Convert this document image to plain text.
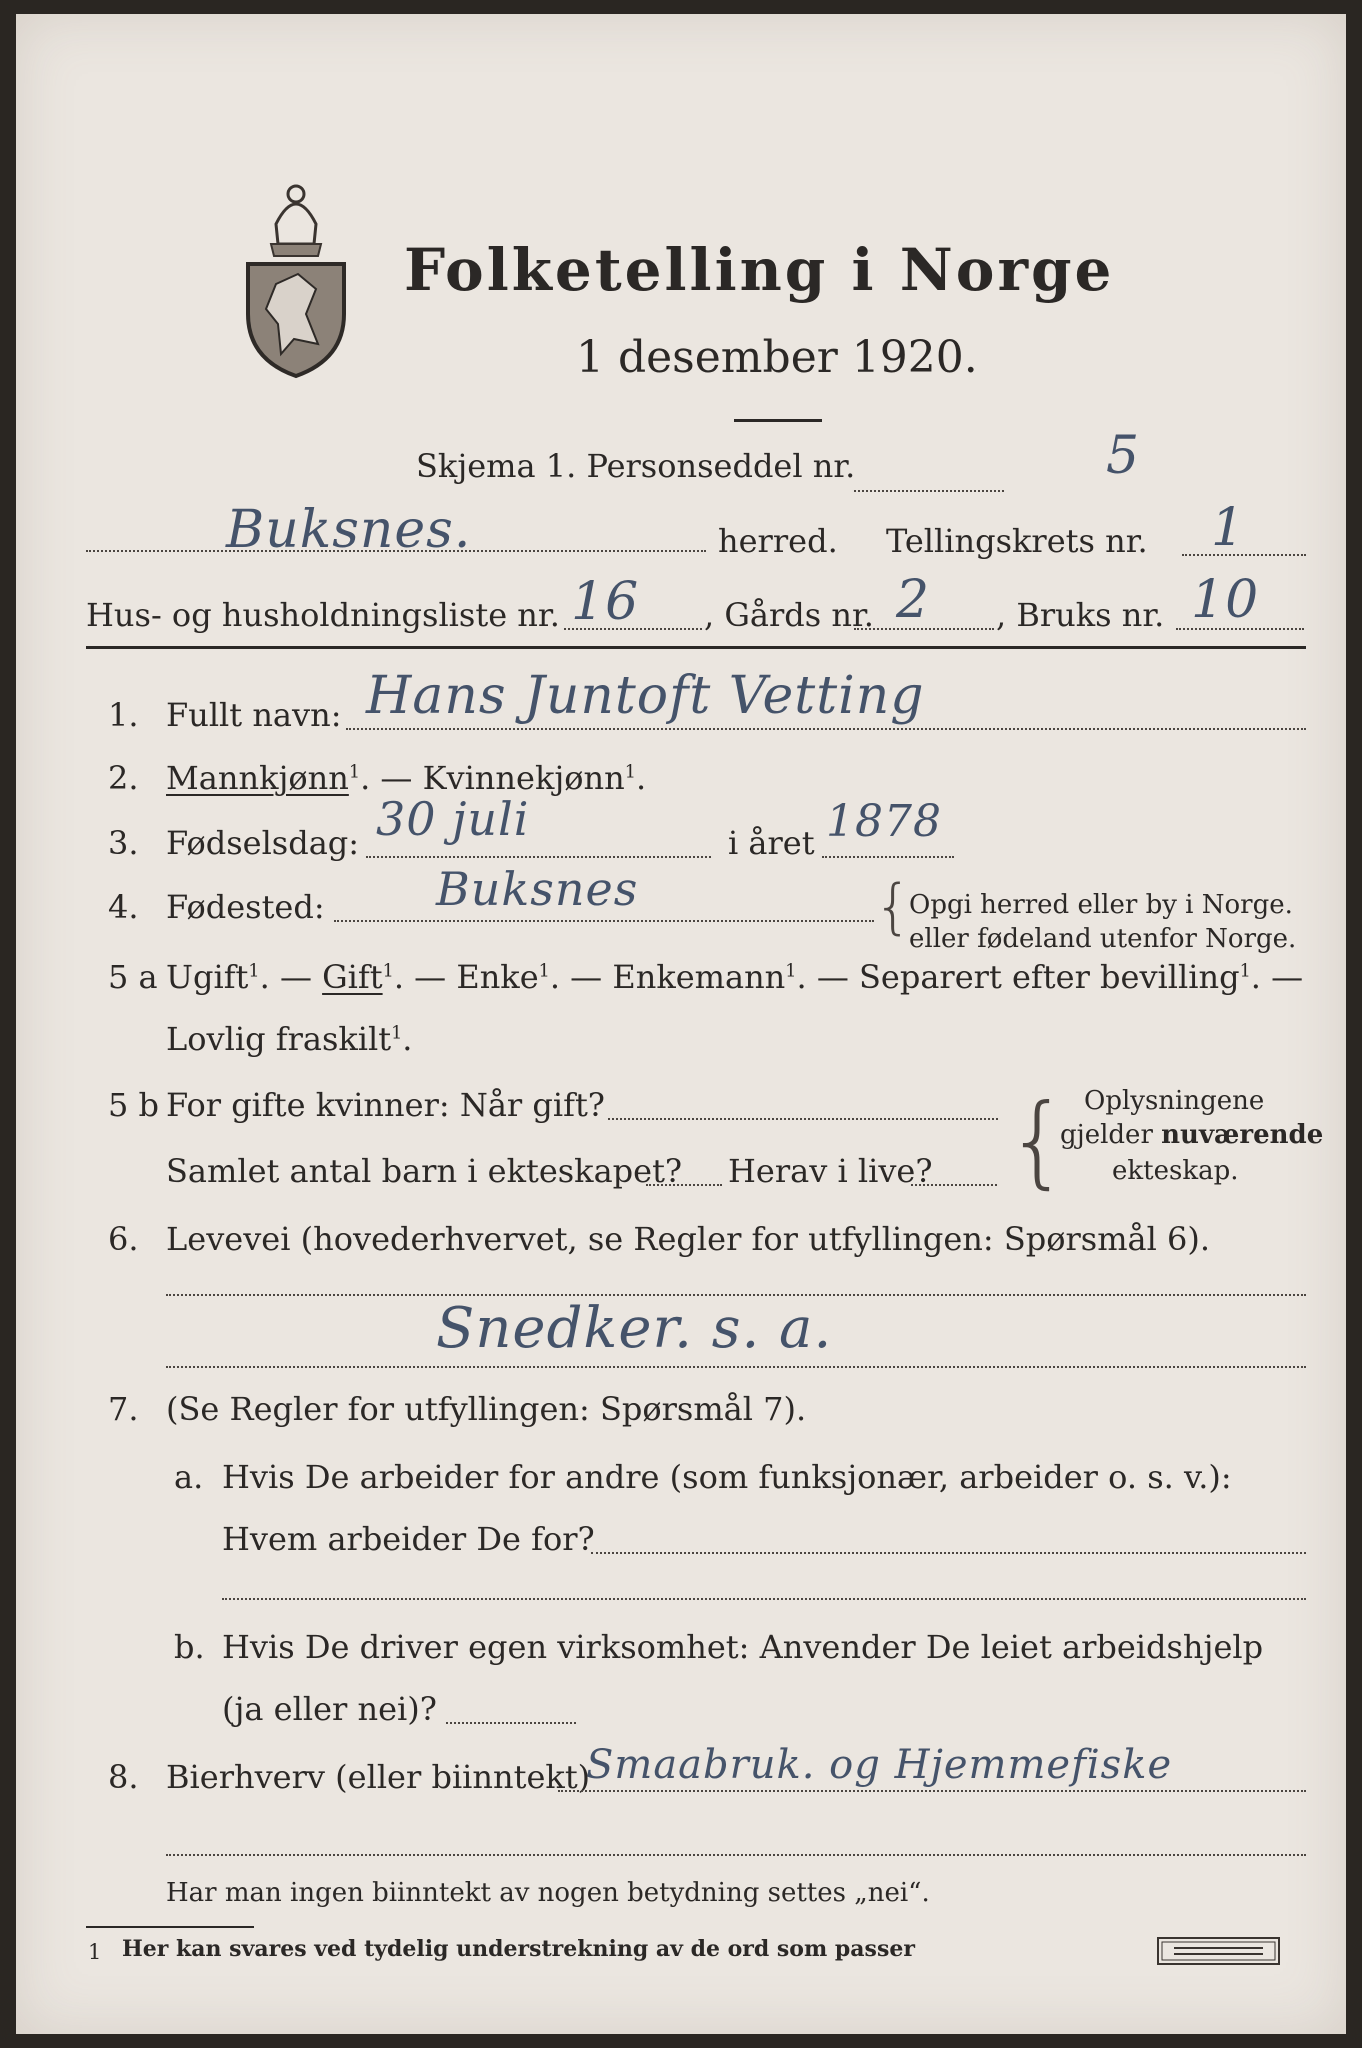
Folketelling i Norge
1 desember 1920.
Skjema 1. Personseddel nr.	5
Buksnes.	herred. Tellingskrets nr. 1
Hus- og husholdningsliste nr. 16 , Gårds nr. 2 , Bruks nr. 10
1. Fullt navn: Hans Juntoft Vetting
2. Mannkjønn$^1$. — Kvinnekjønn$^1$.
3. Fødselsdag: 30 juli	i året 1878
4. Fødested: Buksnes	{
Opgi herred eller by i Norge.
eller fødeland utenfor Norge.
5 a Ugift$^1$. — Gift$^1$. — Enke$^1$. — Enkemann$^1$. — Separert efter bevilling$^1$. —
Lovlig fraskilt$^1$.
5 b For gifte kvinner: Når gift?
Samlet antal barn i ekteskapet? Herav i live? { Oplysningene
gjelder nuværende
ekteskap.
6. Levevei (hovederhvervet, se Regler for utfyllingen: Spørsmål 6).
Snedker. s. a.
7. (Se Regler for utfyllingen: Spørsmål 7).
a. Hvis De arbeider for andre (som funksjonær, arbeider o. s. v.):
Hvem arbeider De for?
b. Hvis De driver egen virksomhet: Anvender De leiet arbeidshjelp
(ja eller nei)?
8. Bierhverv (eller biinntekt)
Smaabruk. og Hjemmefiske
Har man ingen biinntekt av nogen betydning settes „nei“.
1 Her kan svares ved tydelig understrekning av de ord som passer
